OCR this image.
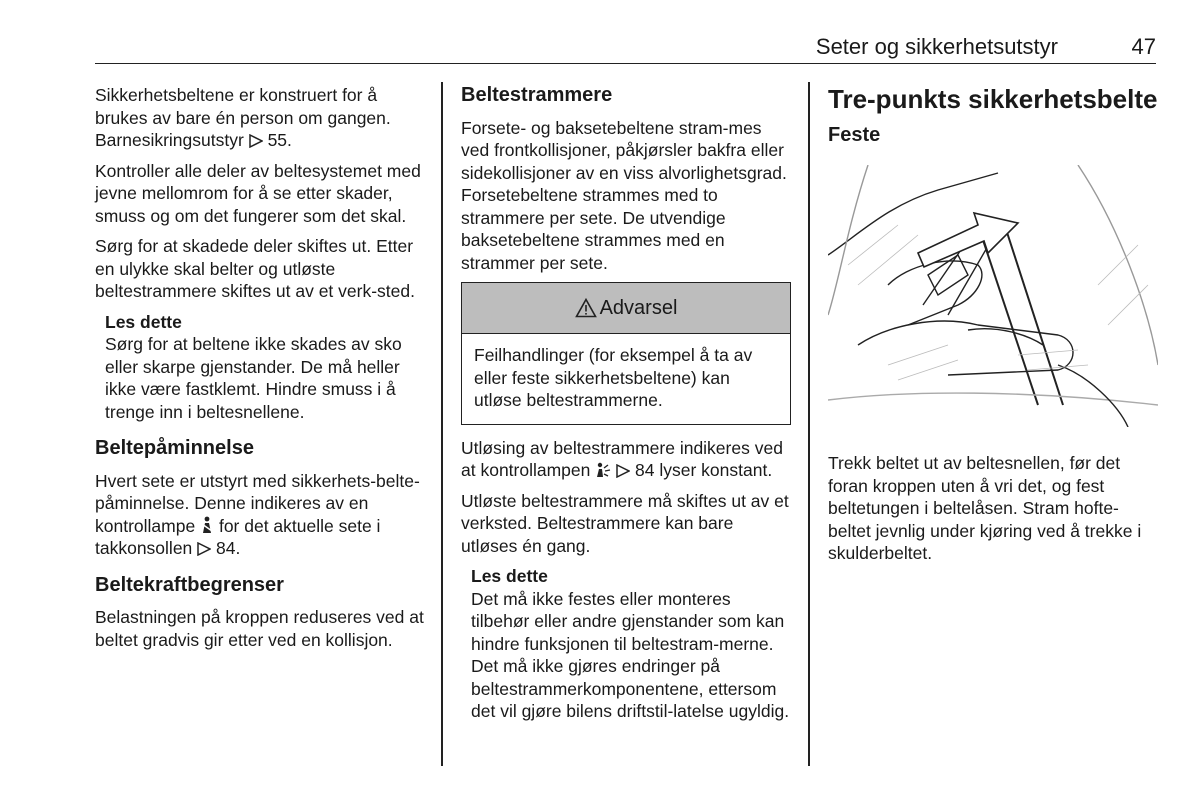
Seter og sikkerhetsutstyr	47

Sikkerhetsbeltene er konstruert for å brukes av bare én person om gangen. Barnesikringsutstyr 55.

Kontroller alle deler av beltesystemet med jevne mellomrom for å se etter skader, smuss og om det fungerer som det skal.

Sørg for at skadede deler skiftes ut. Etter en ulykke skal belter og utløste beltestrammere skiftes ut av et verk-sted.

Les dette
Sørg for at beltene ikke skades av sko eller skarpe gjenstander. De må heller ikke være fastklemt. Hindre smuss i å trenge inn i beltesnellene.
Beltepåminnelse

Hvert sete er utstyrt med sikkerhets-belte-påminnelse. Denne indikeres av en kontrollampe for det aktuelle sete i takkonsollen 84.

Beltekraftbegrenser

Belastningen på kroppen reduseres ved at beltet gradvis gir etter ved en kollisjon.

Beltestrammere

Forsete- og baksetebeltene stram-mes ved frontkollisjoner, påkjørsler bakfra eller sidekollisjoner av en viss alvorlighetsgrad. Forsetebeltene strammes med to strammere per sete. De utvendige baksetebeltene strammes med en strammer per sete.

Advarsel
Feilhandlinger (for eksempel å ta av eller feste sikkerhetsbeltene) kan utløse beltestrammerne.

Utløsing av beltestrammere indikeres ved at kontrollampen	84 lyser konstant.

Utløste beltestrammere må skiftes ut av et verksted. Beltestrammere kan bare utløses én gang.

Les dette
Det må ikke festes eller monteres tilbehør eller andre gjenstander som kan hindre funksjonen til beltestram-merne. Det må ikke gjøres endringer på beltestrammerkomponentene, ettersom det vil gjøre bilens driftstil-latelse ugyldig.
Tre-punkts sikkerhetsbelte
Feste

Trekk beltet ut av beltesnellen, før det foran kroppen uten å vri det, og fest beltetungen i beltelåsen. Stram hofte-beltet jevnlig under kjøring ved å trekke i skulderbeltet.
